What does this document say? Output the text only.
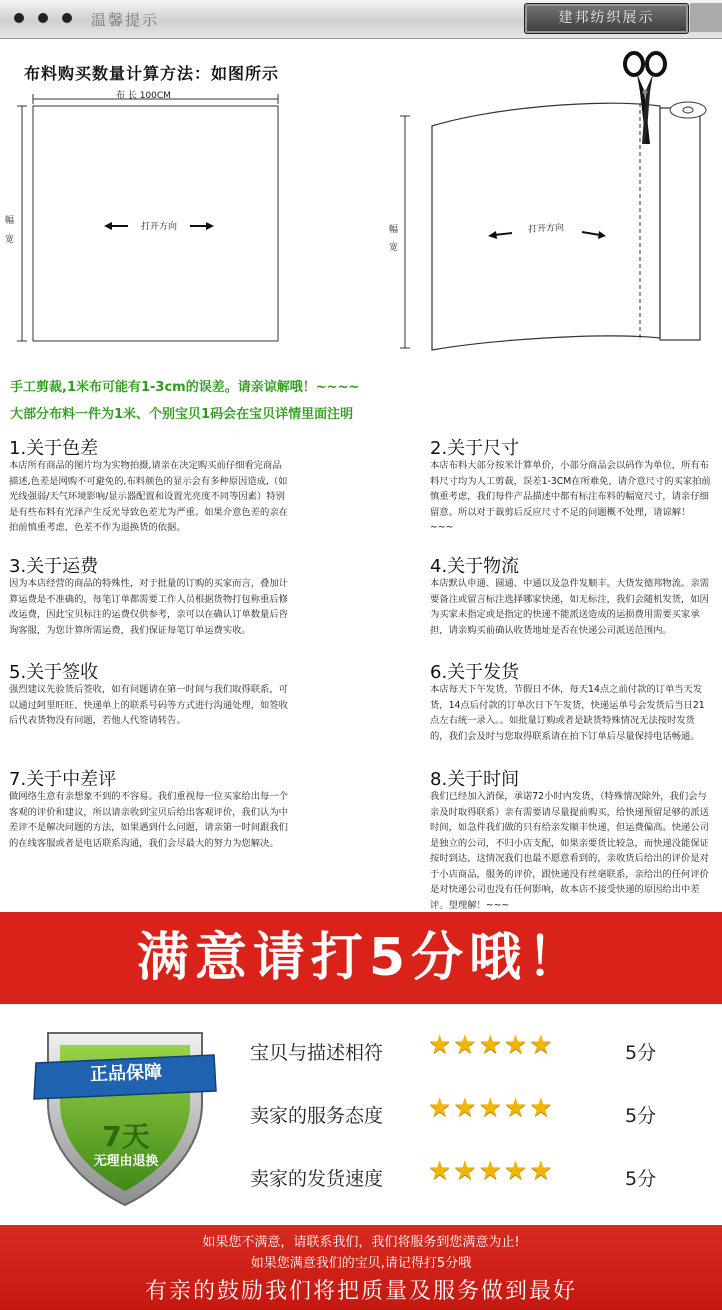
温馨提示	建邦纺织展示
布料购买数量计算方法：如图所示
布 长 100CM
幅
宽
打开方向	幅
宽
打开方向
手工剪裁,1米布可能有1-3cm的误差。请亲谅解哦！~~~~
大部分布料一件为1米、个别宝贝1码会在宝贝详情里面注明
1.关于色差
本店所有商品的图片均为实物拍摄,请亲在决定购买前仔细看完商品描述,色差是网购不可避免的,布料颜色的显示会有多种原因造成,（如光线强弱/天气环境影响/显示器配置和设置光亮度不同等因素）特别是有些布料有光泽产生反光导致色差尤为严重。如果介意色差的亲在拍前慎重考虑，色差不作为退换货的依据。
2.关于尺寸
本店布料大部分按米计算单价，小部分商品会以码作为单位，所有布料尺寸均为人工剪裁，误差1-3CM在所难免，请介意尺寸的买家拍前慎重考虑，我们每件产品描述中都有标注布料的幅宽尺寸，请亲仔细留意。所以对于裁剪后反应尺寸不足的问题概不处理，请谅解！~~~
3.关于运费
因为本店经营的商品的特殊性，对于批量的订购的买家而言，叠加计算运费是不准确的，每笔订单都需要工作人员根据货物打包称重后修改运费，因此宝贝标注的运费仅供参考，亲可以在确认订单数量后咨询客服，为您计算所需运费，我们保证每笔订单运费实收。
4.关于物流
本店默认申通、圆通、中通以及急件发顺丰。大货发德邦物流。亲需要备注或留言标注选择哪家快递，如无标注，我们会随机发货，如因为买家未指定或是指定的快递不能派送造成的运损费用需要买家承担，请亲购买前确认收货地址是否在快递公司派送范围内。
5.关于签收
强烈建议先验货后签收，如有问题请在第一时间与我们取得联系，可以通过阿里旺旺、快递单上的联系号码等方式进行沟通处理，如签收后代表货物没有问题，若他人代签请转告。
6.关于发货
本店每天下午发货，节假日不休，每天14点之前付款的订单当天发货，14点后付款的订单次日下午发货，快递运单号会发货后当日21点左右统一录入。。如批量订购或者是缺货特殊情况无法按时发货的，我们会及时与您取得联系请在拍下订单后尽量保持电话畅通。
7.关于中差评
做网络生意有亲想象不到的不容易。我们重视每一位买家给出每一个客观的评价和建议，所以请亲收到宝贝后给出客观评价，我们认为中差评不是解决问题的方法，如果遇到什么问题，请亲第一时间跟我们的在线客服或者是电话联系沟通，我们会尽最大的努力为您解决。
8.关于时间
我们已经加入消保，承诺72小时内发货，（特殊情况除外，我们会与亲及时取得联系）亲有需要请尽量提前购买，给快递预留足够的派送时间，如急件我们做的只有给亲发顺丰快递，但运费偏高。快递公司是独立的公司，不归小店支配，如果亲要货比较急，而快递没能保证按时到达，这情况我们也最不愿意看到的，亲收货后给出的评价是对于小店商品，服务的评价，跟快递没有丝毫联系，亲给出的任何评价是对快递公司也没有任何影响，故本店不接受快递的原因给出中差评。望理解！~~~
满意请打5分哦！
正品保障
7天
无理由退换
宝贝与描述相符 ★★★★★	5分
卖家的服务态度 ★★★★★	5分
卖家的发货速度 ★★★★★	5分
如果您不满意，请联系我们，我们将服务到您满意为止!
如果您满意我们的宝贝,请记得打5分哦
有亲的鼓励我们将把质量及服务做到最好
